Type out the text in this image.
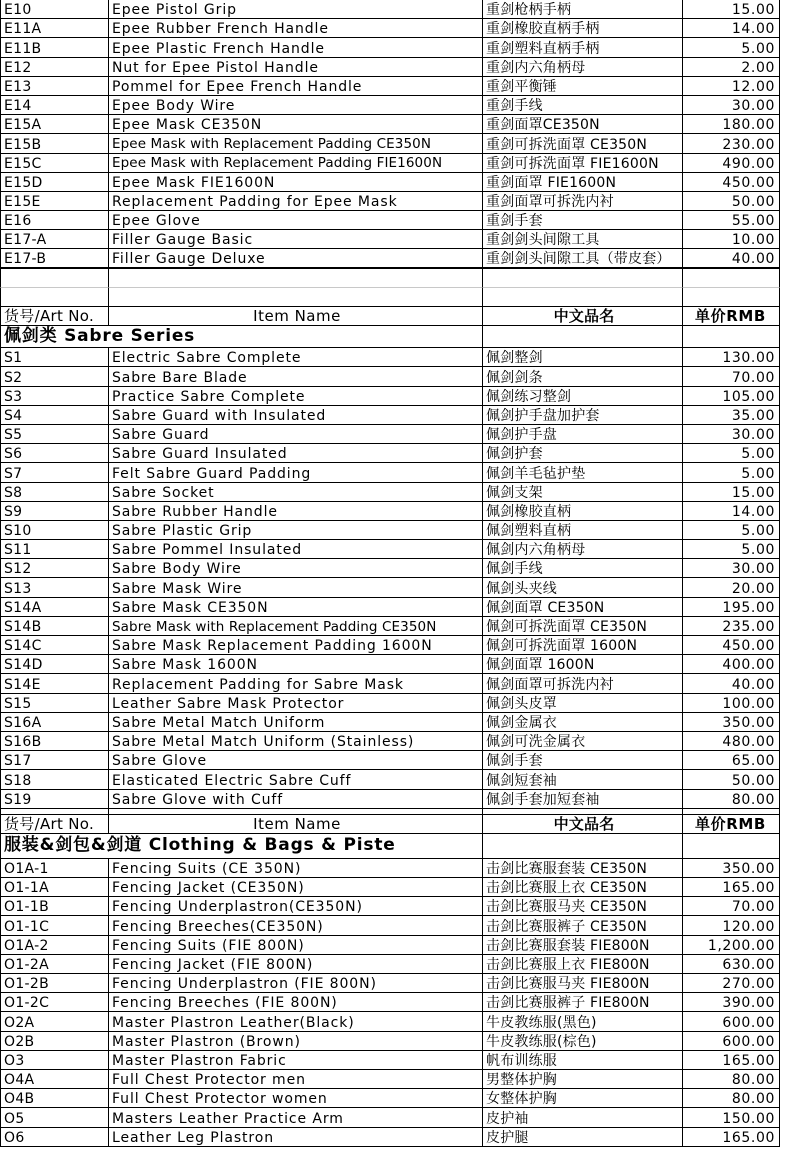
E10	Epee Pistol Grip	重剑枪柄手柄	15.00
E11A	Epee Rubber French Handle	重剑橡胶直柄手柄	14.00
E11B	Epee Plastic French Handle	重剑塑料直柄手柄	5.00
E12	Nut for Epee Pistol Handle	重剑内六角柄母	2.00
E13	Pommel for Epee French Handle	重剑平衡锤	12.00
E14	Epee Body Wire	重剑手线	30.00
E15A	Epee Mask CE350N	重剑面罩CE350N	180.00
E15B	Epee Mask with Replacement Padding CE350N	重剑可拆洗面罩 CE350N	230.00
E15C	Epee Mask with Replacement Padding FIE1600N	重剑可拆洗面罩 FIE1600N	490.00
E15D	Epee Mask FIE1600N	重剑面罩 FIE1600N	450.00
E15E	Replacement Padding for Epee Mask	重剑面罩可拆洗内衬	50.00
E16	Epee Glove	重剑手套	55.00
E17-A	Filler Gauge Basic	重剑剑头间隙工具	10.00
E17-B	Filler Gauge Deluxe	重剑剑头间隙工具（带皮套）	40.00
货号/Art No.	Item Name	中文品名	单价RMB
佩剑类 Sabre Series
S1	Electric Sabre Complete	佩剑整剑	130.00
S2	Sabre Bare Blade	佩剑剑条	70.00
S3	Practice Sabre Complete	佩剑练习整剑	105.00
S4	Sabre Guard with Insulated	佩剑护手盘加护套	35.00
S5	Sabre Guard	佩剑护手盘	30.00
S6	Sabre Guard Insulated	佩剑护套	5.00
S7	Felt Sabre Guard Padding	佩剑羊毛毡护垫	5.00
S8	Sabre Socket	佩剑支架	15.00
S9	Sabre Rubber Handle	佩剑橡胶直柄	14.00
S10	Sabre Plastic Grip	佩剑塑料直柄	5.00
S11	Sabre Pommel Insulated	佩剑内六角柄母	5.00
S12	Sabre Body Wire	佩剑手线	30.00
S13	Sabre Mask Wire	佩剑头夹线	20.00
S14A	Sabre Mask CE350N	佩剑面罩 CE350N	195.00
S14B	Sabre Mask with Replacement Padding CE350N	佩剑可拆洗面罩 CE350N	235.00
S14C	Sabre Mask Replacement Padding 1600N	佩剑可拆洗面罩 1600N	450.00
S14D	Sabre Mask 1600N	佩剑面罩 1600N	400.00
S14E	Replacement Padding for Sabre Mask	佩剑面罩可拆洗内衬	40.00
S15	Leather Sabre Mask Protector	佩剑头皮罩	100.00
S16A	Sabre Metal Match Uniform	佩剑金属衣	350.00
S16B	Sabre Metal Match Uniform (Stainless)	佩剑可洗金属衣	480.00
S17	Sabre Glove	佩剑手套	65.00
S18	Elasticated Electric Sabre Cuff	佩剑短套袖	50.00
S19	Sabre Glove with Cuff	佩剑手套加短套袖	80.00
货号/Art No.	Item Name	中文品名	单价RMB
服装&剑包&剑道 Clothing & Bags & Piste
O1A-1	Fencing Suits (CE 350N)	击剑比赛服套装 CE350N	350.00
O1-1A	Fencing Jacket (CE350N)	击剑比赛服上衣 CE350N	165.00
O1-1B	Fencing Underplastron(CE350N)	击剑比赛服马夹 CE350N	70.00
O1-1C	Fencing Breeches(CE350N)	击剑比赛服裤子 CE350N	120.00
O1A-2	Fencing Suits (FIE 800N)	击剑比赛服套装 FIE800N	1,200.00
O1-2A	Fencing Jacket (FIE 800N)	击剑比赛服上衣 FIE800N	630.00
O1-2B	Fencing Underplastron (FIE 800N)	击剑比赛服马夹 FIE800N	270.00
O1-2C	Fencing Breeches (FIE 800N)	击剑比赛服裤子 FIE800N	390.00
O2A	Master Plastron Leather(Black)	牛皮教练服(黑色)	600.00
O2B	Master Plastron (Brown)	牛皮教练服(棕色)	600.00
O3	Master Plastron Fabric	帆布训练服	165.00
O4A	Full Chest Protector men	男整体护胸	80.00
O4B	Full Chest Protector women	女整体护胸	80.00
O5	Masters Leather Practice Arm	皮护袖	150.00
O6	Leather Leg Plastron	皮护腿	165.00
